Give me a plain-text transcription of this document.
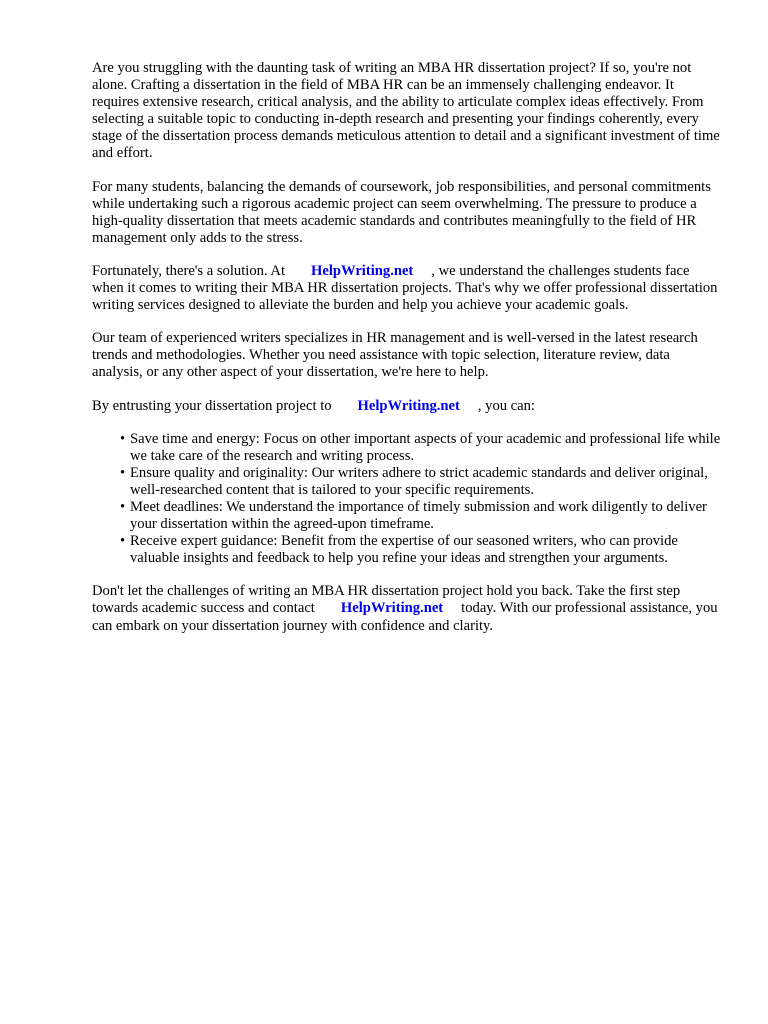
Are you struggling with the daunting task of writing an MBA HR dissertation project? If so, you're not alone. Crafting a dissertation in the field of MBA HR can be an immensely challenging endeavor. It requires extensive research, critical analysis, and the ability to articulate complex ideas effectively. From selecting a suitable topic to conducting in-depth research and presenting your findings coherently, every stage of the dissertation process demands meticulous attention to detail and a significant investment of time and effort.

For many students, balancing the demands of coursework, job responsibilities, and personal commitments while undertaking such a rigorous academic project can seem overwhelming. The pressure to produce a high-quality dissertation that meets academic standards and contributes meaningfully to the field of HR management only adds to the stress.

Fortunately, there's a solution. At HelpWriting.net , we understand the challenges students face when it comes to writing their MBA HR dissertation projects. That's why we offer professional dissertation writing services designed to alleviate the burden and help you achieve your academic goals.

Our team of experienced writers specializes in HR management and is well-versed in the latest research trends and methodologies. Whether you need assistance with topic selection, literature review, data analysis, or any other aspect of your dissertation, we're here to help.

By entrusting your dissertation project to HelpWriting.net , you can:

• Save time and energy: Focus on other important aspects of your academic and professional life while we take care of the research and writing process.
• Ensure quality and originality: Our writers adhere to strict academic standards and deliver original, well-researched content that is tailored to your specific requirements.
• Meet deadlines: We understand the importance of timely submission and work diligently to deliver your dissertation within the agreed-upon timeframe.
• Receive expert guidance: Benefit from the expertise of our seasoned writers, who can provide valuable insights and feedback to help you refine your ideas and strengthen your arguments.

Don't let the challenges of writing an MBA HR dissertation project hold you back. Take the first step towards academic success and contact HelpWriting.net today. With our professional assistance, you can embark on your dissertation journey with confidence and clarity.
